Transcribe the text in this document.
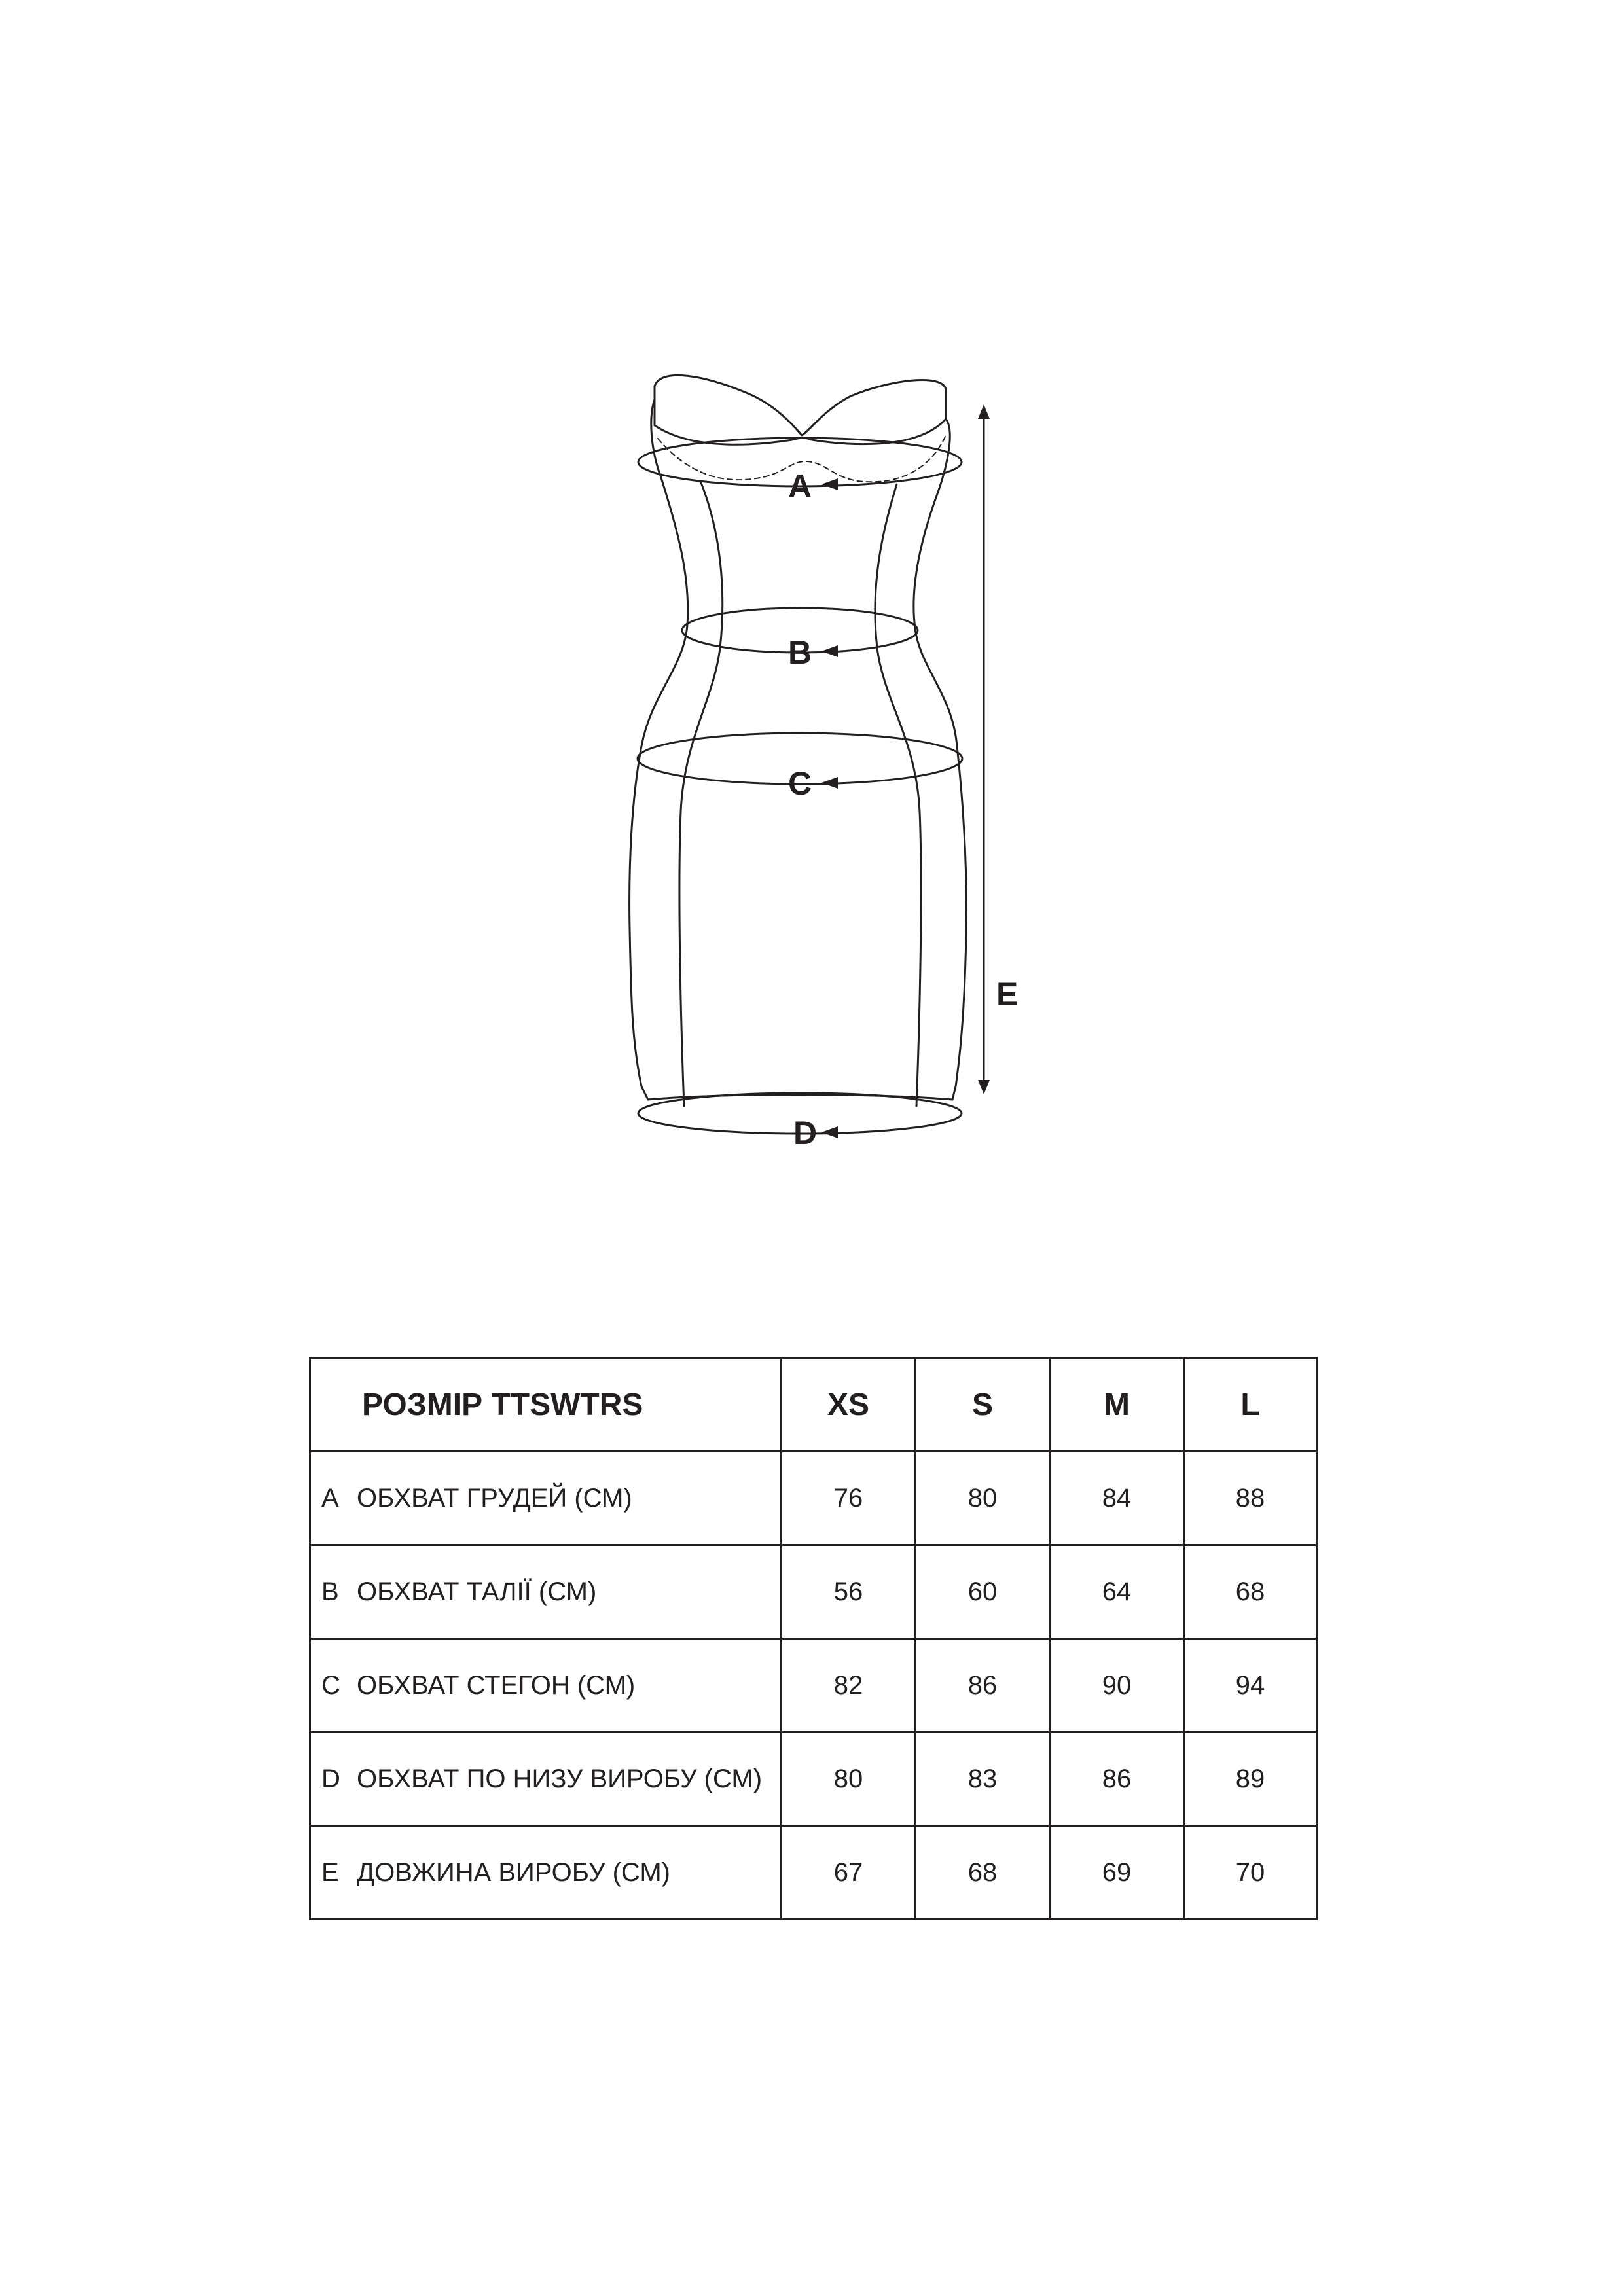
A
B
C
D
E
РОЗМІР TTSWTRS	XS	S	M	L
A ОБХВАТ ГРУДЕЙ (СМ)	76	80	84	88
B ОБХВАТ ТАЛІЇ (СМ)	56	60	64	68
C ОБХВАТ СТЕГОН (СМ)	82	86	90	94
D ОБХВАТ ПО НИЗУ ВИРОБУ (СМ)	80	83	86	89
E ДОВЖИНА ВИРОБУ (СМ)	67	68	69	70
